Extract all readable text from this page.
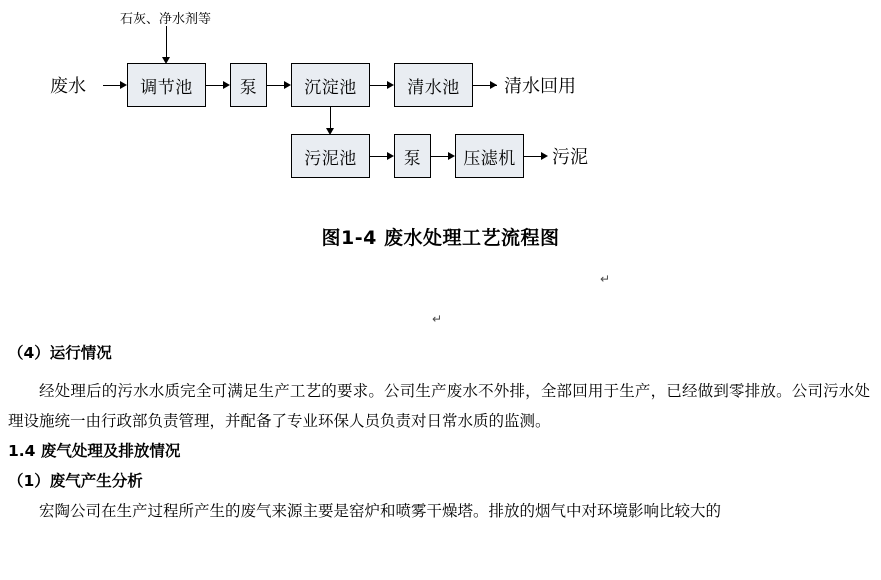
石灰、净水剂等
废水	调节池	泵	沉淀池	清水池	清水回用
污泥池	泵	压滤机	污泥
图1-4 废水处理工艺流程图
↵
↵

（4）运行情况

经处理后的污水水质完全可满足生产工艺的要求。公司生产废水不外排，全部回用于生产，已经做到零排放。公司污水处理设施统一由行政部负责管理，并配备了专业环保人员负责对日常水质的监测。

1.4 废气处理及排放情况

（1）废气产生分析

宏陶公司在生产过程所产生的废气来源主要是窑炉和喷雾干燥塔。排放的烟气中对环境影响比较大的
